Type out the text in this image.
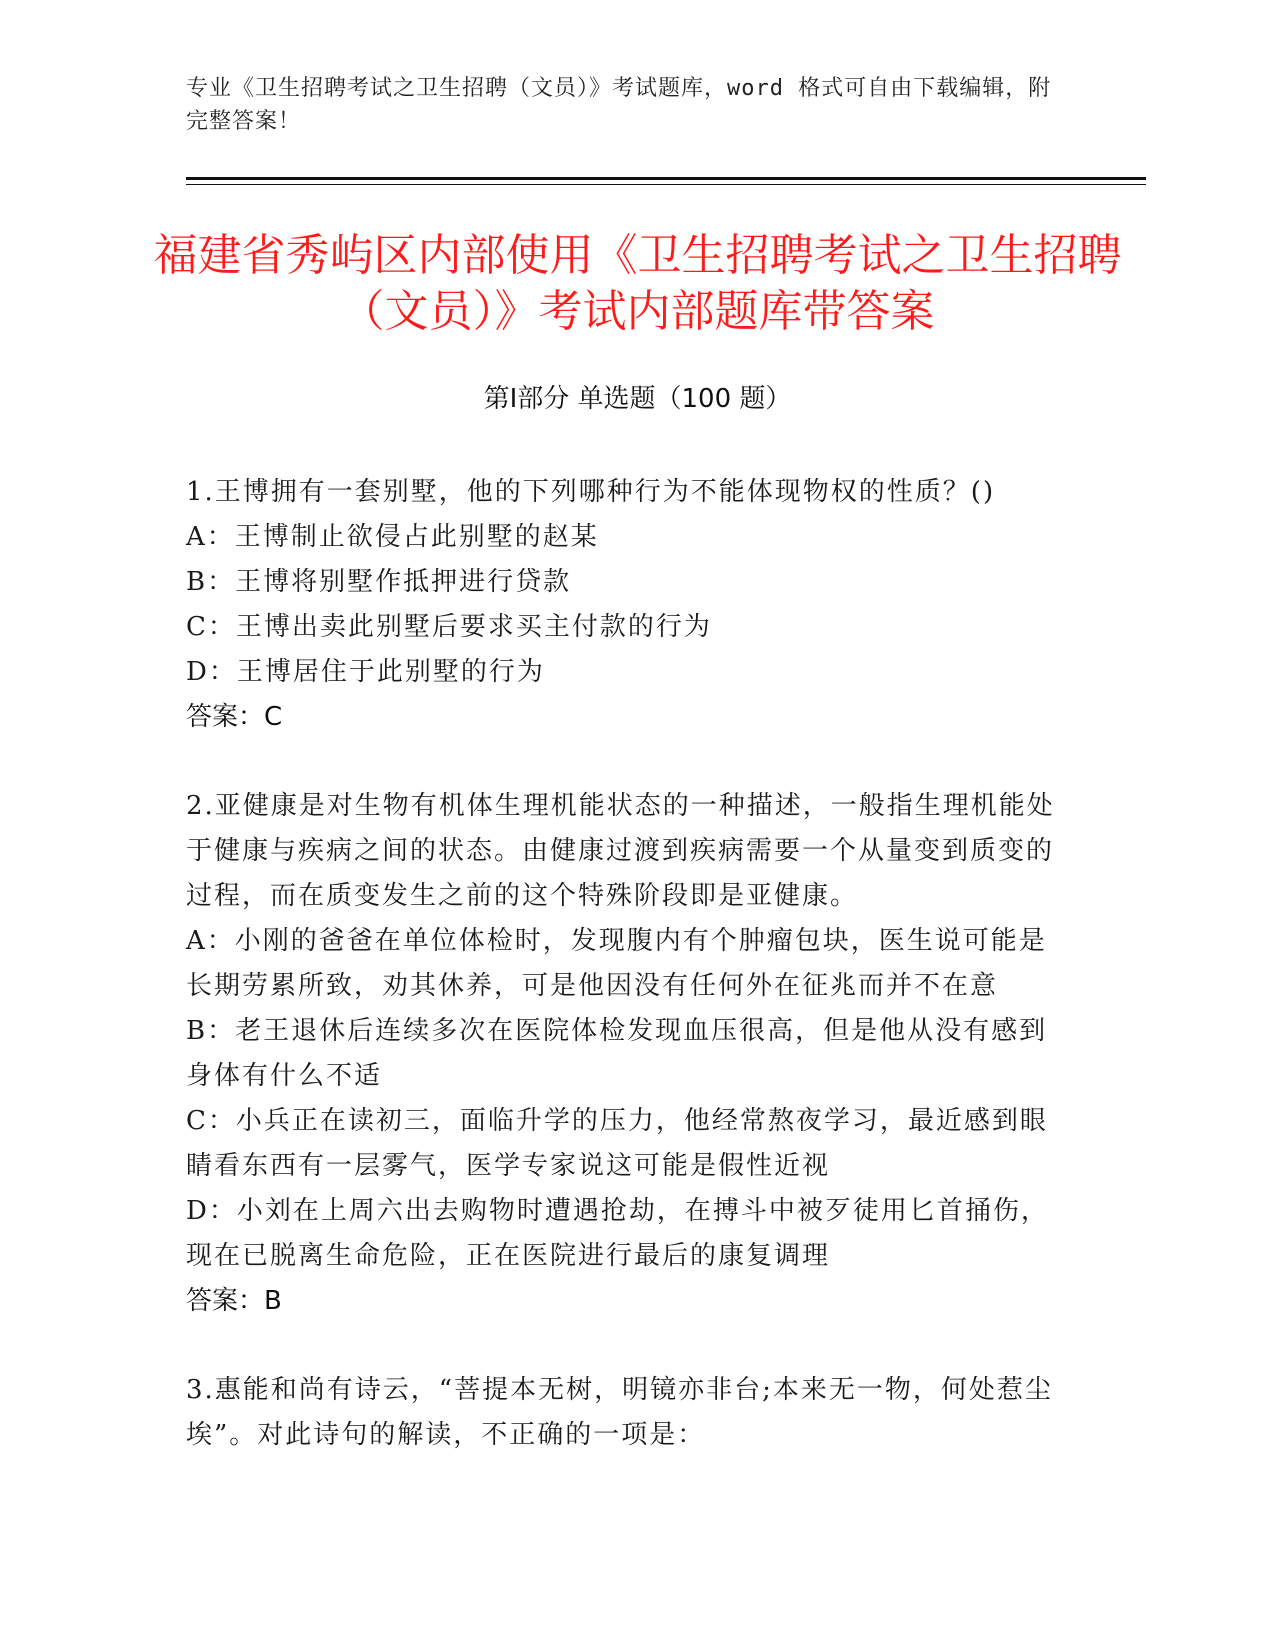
专业《卫生招聘考试之卫生招聘（文员）》考试题库，word 格式可自由下载编辑，附完整答案！
福建省秀屿区内部使用《卫生招聘考试之卫生招聘（文员）》考试内部题库带答案
第Ⅰ部分 单选题（100 题）
1.王博拥有一套别墅，他的下列哪种行为不能体现物权的性质？()
A：王博制止欲侵占此别墅的赵某
B：王博将别墅作抵押进行贷款
C：王博出卖此别墅后要求买主付款的行为
D：王博居住于此别墅的行为
答案：C
2.亚健康是对生物有机体生理机能状态的一种描述，一般指生理机能处于健康与疾病之间的状态。由健康过渡到疾病需要一个从量变到质变的过程，而在质变发生之前的这个特殊阶段即是亚健康。
A：小刚的爸爸在单位体检时，发现腹内有个肿瘤包块，医生说可能是长期劳累所致，劝其休养，可是他因没有任何外在征兆而并不在意
B：老王退休后连续多次在医院体检发现血压很高，但是他从没有感到身体有什么不适
C：小兵正在读初三，面临升学的压力，他经常熬夜学习，最近感到眼睛看东西有一层雾气，医学专家说这可能是假性近视
D：小刘在上周六出去购物时遭遇抢劫，在搏斗中被歹徒用匕首捅伤，现在已脱离生命危险，正在医院进行最后的康复调理
答案：B
3.惠能和尚有诗云，“菩提本无树，明镜亦非台;本来无一物，何处惹尘埃”。对此诗句的解读，不正确的一项是：
